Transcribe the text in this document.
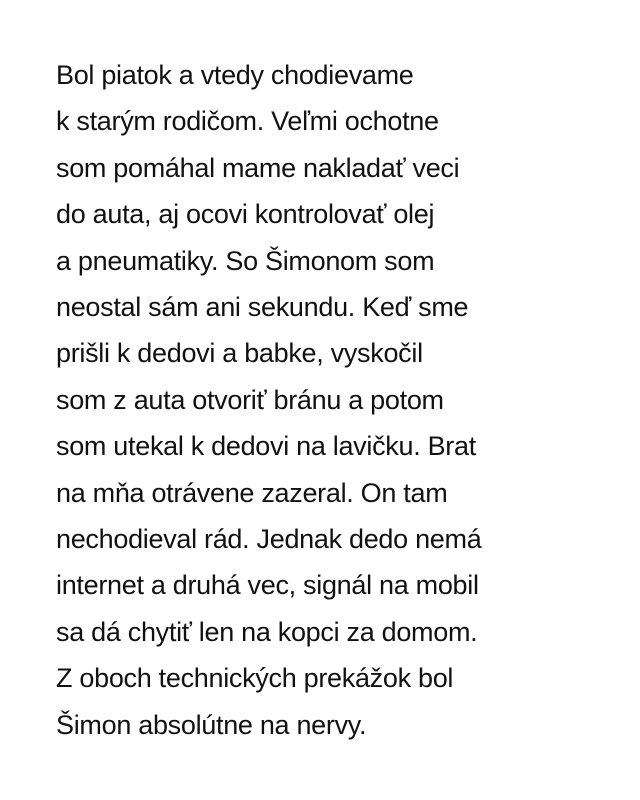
Bol piatok a vtedy chodievame
k starým rodičom. Veľmi ochotne
som pomáhal mame nakladať veci
do auta, aj ocovi kontrolovať olej
a pneumatiky. So Šimonom som
neostal sám ani sekundu. Keď sme
prišli k dedovi a babke, vyskočil
som z auta otvoriť bránu a potom
som utekal k dedovi na lavičku. Brat
na mňa otrávene zazeral. On tam
nechodieval rád. Jednak dedo nemá
internet a druhá vec, signál na mobil
sa dá chytiť len na kopci za domom.
Z oboch technických prekážok bol
Šimon absolútne na nervy.
